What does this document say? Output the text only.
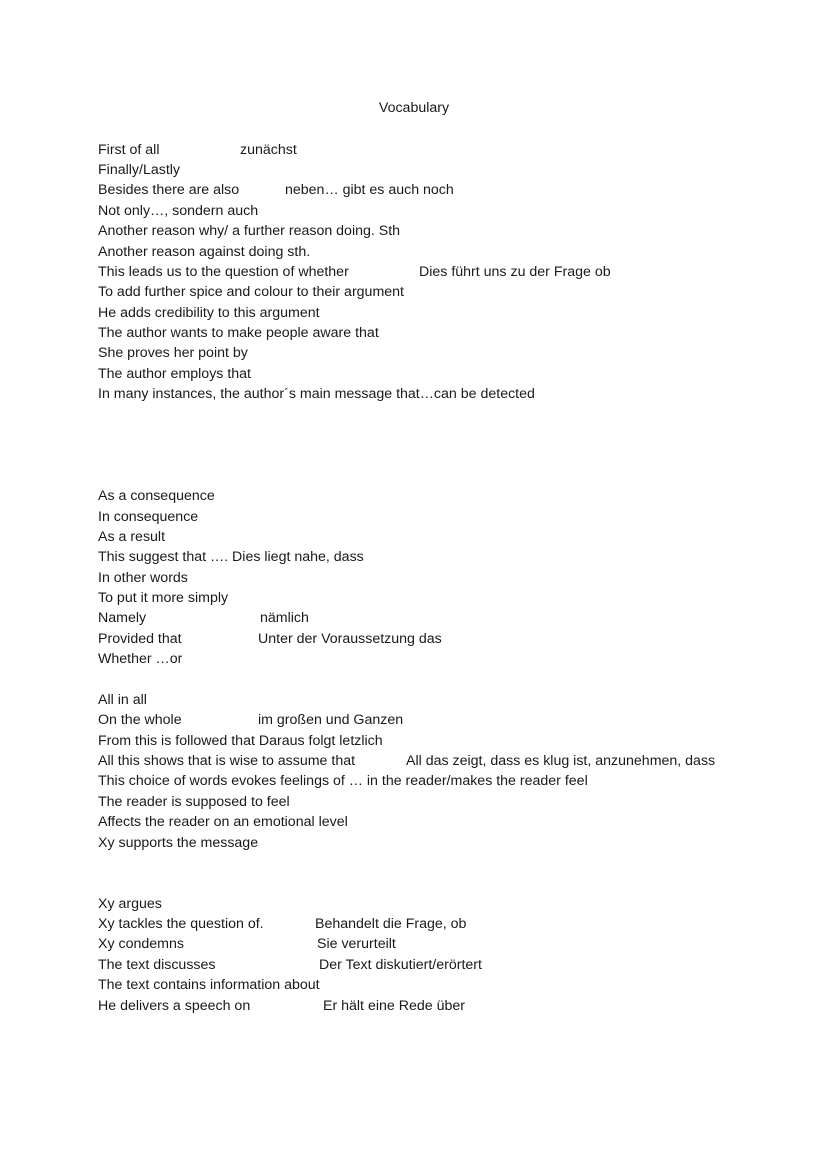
Vocabulary
First of all	zunächst
Finally/Lastly
Besides there are also	neben… gibt es auch noch
Not only…, sondern auch
Another reason why/ a further reason doing. Sth
Another reason against doing sth.
This leads us to the question of whether	Dies führt uns zu der Frage ob
To add further spice and colour to their argument
He adds credibility to this argument
The author wants to make people aware that
She proves her point by
The author employs that
In many instances, the author´s main message that…can be detected
As a consequence
In consequence
As a result
This suggest that …. Dies liegt nahe, dass
In other words
To put it more simply
Namely	nämlich
Provided that	Unter der Voraussetzung das
Whether …or
All in all
On the whole	im großen und Ganzen
From this is followed that Daraus folgt letzlich
All this shows that is wise to assume that	All das zeigt, dass es klug ist, anzunehmen, dass
This choice of words evokes feelings of … in the reader/makes the reader feel
The reader is supposed to feel
Affects the reader on an emotional level
Xy supports the message
Xy argues
Xy tackles the question of.	Behandelt die Frage, ob
Xy condemns	Sie verurteilt
The text discusses	Der Text diskutiert/erörtert
The text contains information about
He delivers a speech on	Er hält eine Rede über
